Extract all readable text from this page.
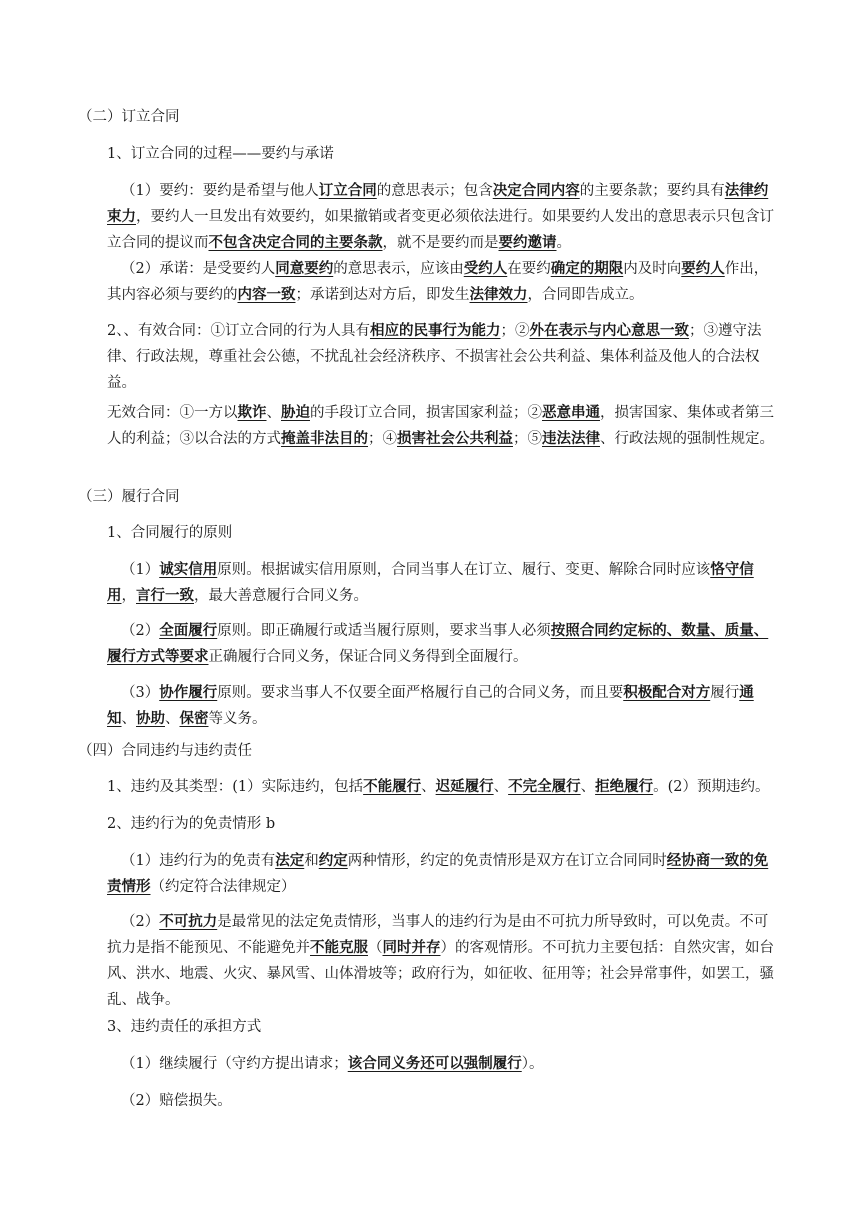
（二）订立合同

1、订立合同的过程——要约与承诺

（1）要约：要约是希望与他人订立合同的意思表示；包含决定合同内容的主要条款；要约具有法律约束力，要约人一旦发出有效要约，如果撤销或者变更必须依法进行。如果要约人发出的意思表示只包含订立合同的提议而不包含决定合同的主要条款，就不是要约而是要约邀请。

（2）承诺：是受要约人同意要约的意思表示，应该由受约人在要约确定的期限内及时向要约人作出，其内容必须与要约的内容一致；承诺到达对方后，即发生法律效力，合同即告成立。

2、、有效合同：①订立合同的行为人具有相应的民事行为能力；②外在表示与内心意思一致；③遵守法律、行政法规，尊重社会公德，不扰乱社会经济秩序、不损害社会公共利益、集体利益及他人的合法权益。

无效合同：①一方以欺诈、胁迫的手段订立合同，损害国家利益；②恶意串通，损害国家、集体或者第三人的利益；③以合法的方式掩盖非法目的；④损害社会公共利益；⑤违法法律、行政法规的强制性规定。

（三）履行合同

1、合同履行的原则

（1）诚实信用原则。根据诚实信用原则，合同当事人在订立、履行、变更、解除合同时应该恪守信用，言行一致，最大善意履行合同义务。

（2）全面履行原则。即正确履行或适当履行原则，要求当事人必须按照合同约定标的、数量、质量、履行方式等要求正确履行合同义务，保证合同义务得到全面履行。

（3）协作履行原则。要求当事人不仅要全面严格履行自己的合同义务，而且要积极配合对方履行通知、协助、保密等义务。

（四）合同违约与违约责任

1、违约及其类型：(1）实际违约，包括不能履行、迟延履行、不完全履行、拒绝履行。(2）预期违约。

2、违约行为的免责情形 b

（1）违约行为的免责有法定和约定两种情形，约定的免责情形是双方在订立合同同时经协商一致的免责情形（约定符合法律规定）

（2）不可抗力是最常见的法定免责情形，当事人的违约行为是由不可抗力所导致时，可以免责。不可抗力是指不能预见、不能避免并不能克服（同时并存）的客观情形。不可抗力主要包括：自然灾害，如台风、洪水、地震、火灾、暴风雪、山体滑坡等；政府行为，如征收、征用等；社会异常事件，如罢工，骚乱、战争。

3、违约责任的承担方式

（1）继续履行（守约方提出请求；该合同义务还可以强制履行）。

（2）赔偿损失。
